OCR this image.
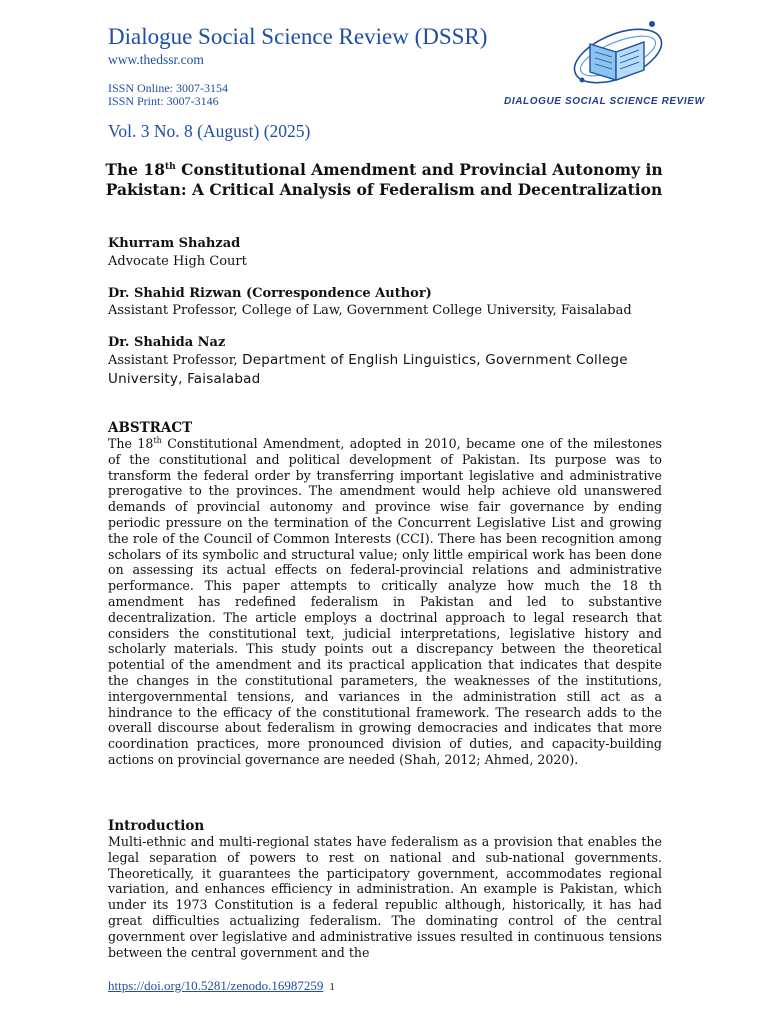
Dialogue Social Science Review (DSSR)
www.thedssr.com
ISSN Online: 3007-3154
ISSN Print: 3007-3146
Vol. 3 No. 8 (August) (2025)
DIALOGUE SOCIAL SCIENCE REVIEW
The 18th Constitutional Amendment and Provincial Autonomy in Pakistan: A Critical Analysis of Federalism and Decentralization
Khurram Shahzad
Advocate High Court
Dr. Shahid Rizwan (Correspondence Author)
Assistant Professor, College of Law, Government College University, Faisalabad
Dr. Shahida Naz
Assistant Professor, Department of English Linguistics, Government College University, Faisalabad
ABSTRACT

The 18th Constitutional Amendment, adopted in 2010, became one of the milestones of the constitutional and political development of Pakistan. Its purpose was to transform the federal order by transferring important legislative and administrative prerogative to the provinces. The amendment would help achieve old unanswered demands of provincial autonomy and province wise fair governance by ending periodic pressure on the termination of the Concurrent Legislative List and growing the role of the Council of Common Interests (CCI). There has been recognition among scholars of its symbolic and structural value; only little empirical work has been done on assessing its actual effects on federal-provincial relations and administrative performance. This paper attempts to critically analyze how much the 18 th amendment has redefined federalism in Pakistan and led to substantive decentralization. The article employs a doctrinal approach to legal research that considers the constitutional text, judicial interpretations, legislative history and scholarly materials. This study points out a discrepancy between the theoretical potential of the amendment and its practical application that indicates that despite the changes in the constitutional parameters, the weaknesses of the institutions, intergovernmental tensions, and variances in the administration still act as a hindrance to the efficacy of the constitutional framework. The research adds to the overall discourse about federalism in growing democracies and indicates that more coordination practices, more pronounced division of duties, and capacity-building actions on provincial governance are needed (Shah, 2012; Ahmed, 2020).

Introduction

Multi-ethnic and multi-regional states have federalism as a provision that enables the legal separation of powers to rest on national and sub-national governments. Theoretically, it guarantees the participatory government, accommodates regional variation, and enhances efficiency in administration. An example is Pakistan, which under its 1973 Constitution is a federal republic although, historically, it has had great difficulties actualizing federalism. The dominating control of the central government over legislative and administrative issues resulted in continuous tensions between the central government and the

https://doi.org/10.5281/zenodo.16987259 1
